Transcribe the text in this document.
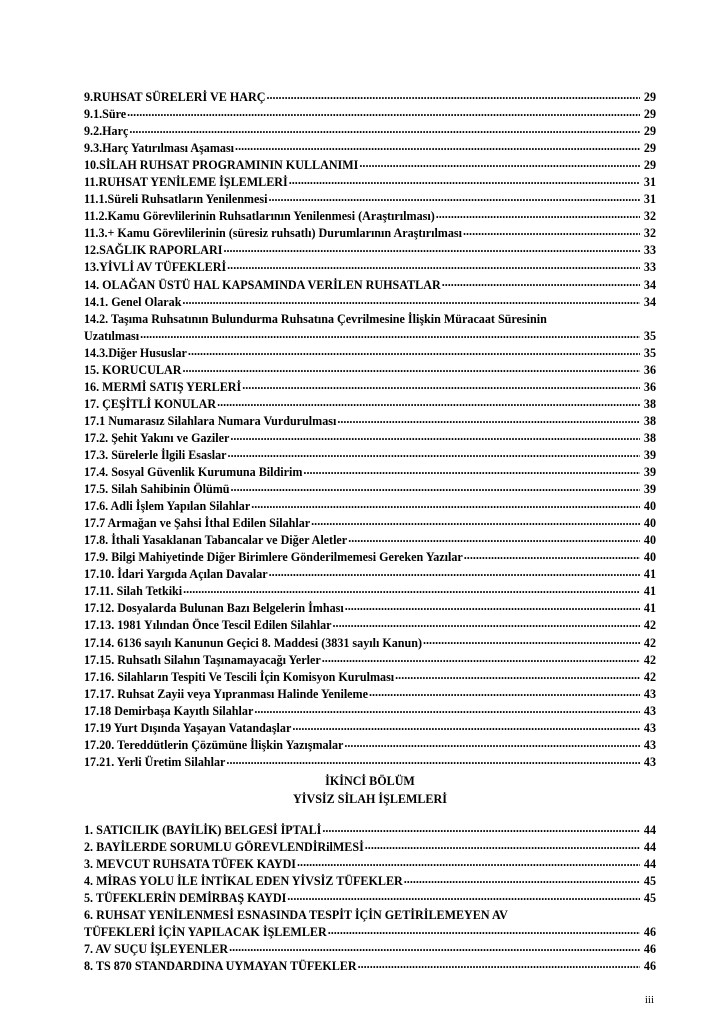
9.RUHSAT SÜRELERİ VE HARÇ .....	29
9.1.Süre .....	29
9.2.Harç .....	29
9.3.Harç Yatırılması Aşaması .....	29
10.SİLAH RUHSAT PROGRAMININ KULLANIMI .....	29
11.RUHSAT YENİLEME İŞLEMLERİ .....	31
11.1.Süreli Ruhsatların Yenilenmesi .....	31
11.2.Kamu Görevlilerinin Ruhsatlarının Yenilenmesi (Araştırılması) .....	32
11.3.+ Kamu Görevlilerinin (süresiz ruhsatlı) Durumlarının Araştırılması .....	32
12.SAĞLIK RAPORLARI .....	33
13.YİVLİ AV TÜFEKLERİ .....	33
14. OLAĞAN ÜSTÜ HAL KAPSAMINDA VERİLEN RUHSATLAR .....	34
14.1. Genel Olarak .....	34
14.2. Taşıma Ruhsatının Bulundurma Ruhsatına Çevrilmesine İlişkin Müracaat Süresinin
Uzatılması .....	35
14.3.Diğer Hususlar .....	35
15. KORUCULAR .....	36
16. MERMİ SATIŞ YERLERİ .....	36
17. ÇEŞİTLİ KONULAR .....	38
17.1 Numarasız Silahlara Numara Vurdurulması .....	38
17.2. Şehit Yakını ve Gaziler .....	38
17.3. Sürelerle İlgili Esaslar .....	39
17.4. Sosyal Güvenlik Kurumuna Bildirim .....	39
17.5. Silah Sahibinin Ölümü .....	39
17.6. Adli İşlem Yapılan Silahlar .....	40
17.7 Armağan ve Şahsi İthal Edilen Silahlar .....	40
17.8. İthali Yasaklanan Tabancalar ve Diğer Aletler .....	40
17.9. Bilgi Mahiyetinde Diğer Birimlere Gönderilmemesi Gereken Yazılar .....	40
17.10. İdari Yargıda Açılan Davalar .....	41
17.11. Silah Tetkiki .....	41
17.12. Dosyalarda Bulunan Bazı Belgelerin İmhası .....	41
17.13. 1981 Yılından Önce Tescil Edilen Silahlar .....	42
17.14. 6136 sayılı Kanunun Geçici 8. Maddesi (3831 sayılı Kanun) .....	42
17.15. Ruhsatlı Silahın Taşınamayacağı Yerler .....	42
17.16. Silahların Tespiti Ve Tescili İçin Komisyon Kurulması .....	42
17.17. Ruhsat Zayii veya Yıpranması Halinde Yenileme .....	43
17.18 Demirbaşa Kayıtlı Silahlar .....	43
17.19 Yurt Dışında Yaşayan Vatandaşlar .....	43
17.20. Tereddütlerin Çözümüne İlişkin Yazışmalar .....	43
17.21. Yerli Üretim Silahlar .....	43
İKİNCİ BÖLÜM
YİVSİZ SİLAH İŞLEMLERİ
1. SATICILIK (BAYİLİK) BELGESİ İPTALİ .....	44
2. BAYİLERDE SORUMLU GÖREVLENDİRilMESİ .....	44
3. MEVCUT RUHSATA TÜFEK KAYDI .....	44
4. MİRAS YOLU İLE İNTİKAL EDEN YİVSİZ TÜFEKLER .....	45
5. TÜFEKLERİN DEMİRBAŞ KAYDI .....	45
6. RUHSAT YENİLENMESİ ESNASINDA TESPİT İÇİN GETİRİLEMEYEN AV
TÜFEKLERİ İÇİN YAPILACAK İŞLEMLER .....	46
7. AV SUÇU İŞLEYENLER .....	46
8. TS 870 STANDARDINA UYMAYAN TÜFEKLER .....	46
iii
